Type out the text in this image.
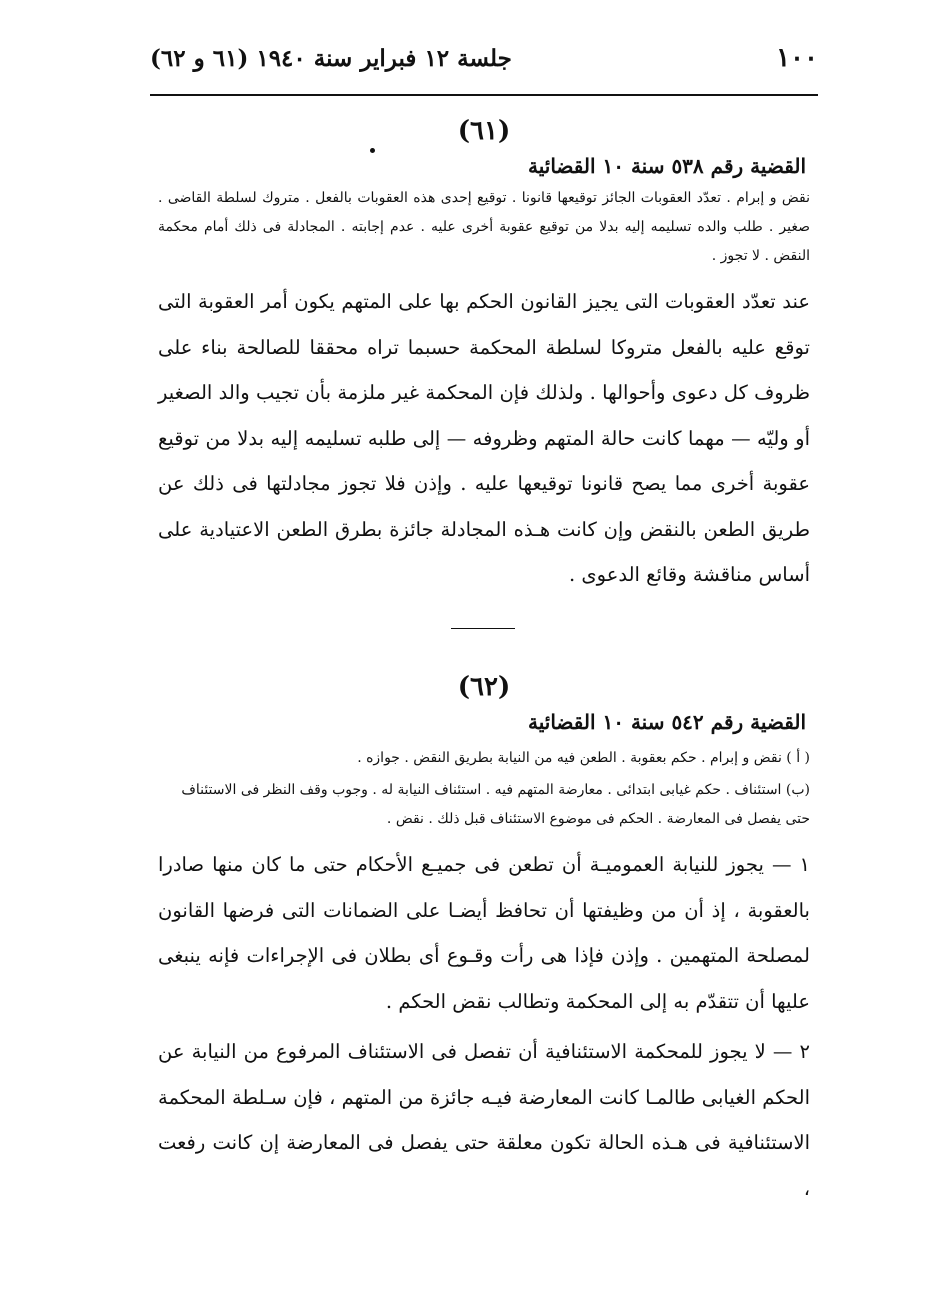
١٠٠
جلسة ١٢ فبراير سنة ١٩٤٠ (٦١ و ٦٢)
(٦١)
القضية رقم ٥٣٨ سنة ١٠ القضائية
نقض و إبرام . تعدّد العقوبات الجائز توقيعها قانونا . توقيع إحدى هذه العقوبات بالفعل . متروك لسلطة القاضى . صغير . طلب والده تسليمه إليه بدلا من توقيع عقوبة أخرى عليه . عدم إجابته . المجادلة فى ذلك أمام محكمة النقض . لا تجوز .

عند تعدّد العقوبات التى يجيز القانون الحكم بها على المتهم يكون أمر العقوبة التى توقع عليه بالفعل متروكا لسلطة المحكمة حسبما تراه محققا للصالحة بناء على ظروف كل دعوى وأحوالها . ولذلك فإن المحكمة غير ملزمة بأن تجيب والد الصغير أو وليّه — مهما كانت حالة المتهم وظروفه — إلى طلبه تسليمه إليه بدلا من توقيع عقوبة أخرى مما يصح قانونا توقيعها عليه . وإذن فلا تجوز مجادلتها فى ذلك عن طريق الطعن بالنقض وإن كانت هـذه المجادلة جائزة بطرق الطعن الاعتيادية على أساس مناقشة وقائع الدعوى .

(٦٢)
القضية رقم ٥٤٢ سنة ١٠ القضائية
( أ ) نقض و إبرام . حكم بعقوبة . الطعن فيه من النيابة بطريق النقض . جوازه .
(ب) استئناف . حكم غيابى ابتدائى . معارضة المتهم فيه . استئناف النيابة له . وجوب وقف النظر فى الاستئناف حتى يفصل فى المعارضة . الحكم فى موضوع الاستئناف قبل ذلك . نقض .

١ — يجوز للنيابة العموميـة أن تطعن فى جميـع الأحكام حتى ما كان منها صادرا بالعقوبة ، إذ أن من وظيفتها أن تحافظ أيضـا على الضمانات التى فرضها القانون لمصلحة المتهمين . وإذن فإذا هى رأت وقـوع أى بطلان فى الإجراءات فإنه ينبغى عليها أن تتقدّم به إلى المحكمة وتطالب نقض الحكم .

٢ — لا يجوز للمحكمة الاستئنافية أن تفصل فى الاستئناف المرفوع من النيابة عن الحكم الغيابى طالمـا كانت المعارضة فيـه جائزة من المتهم ، فإن سـلطة المحكمة الاستئنافية فى هـذه الحالة تكون معلقة حتى يفصل فى المعارضة إن كانت رفعت ،
